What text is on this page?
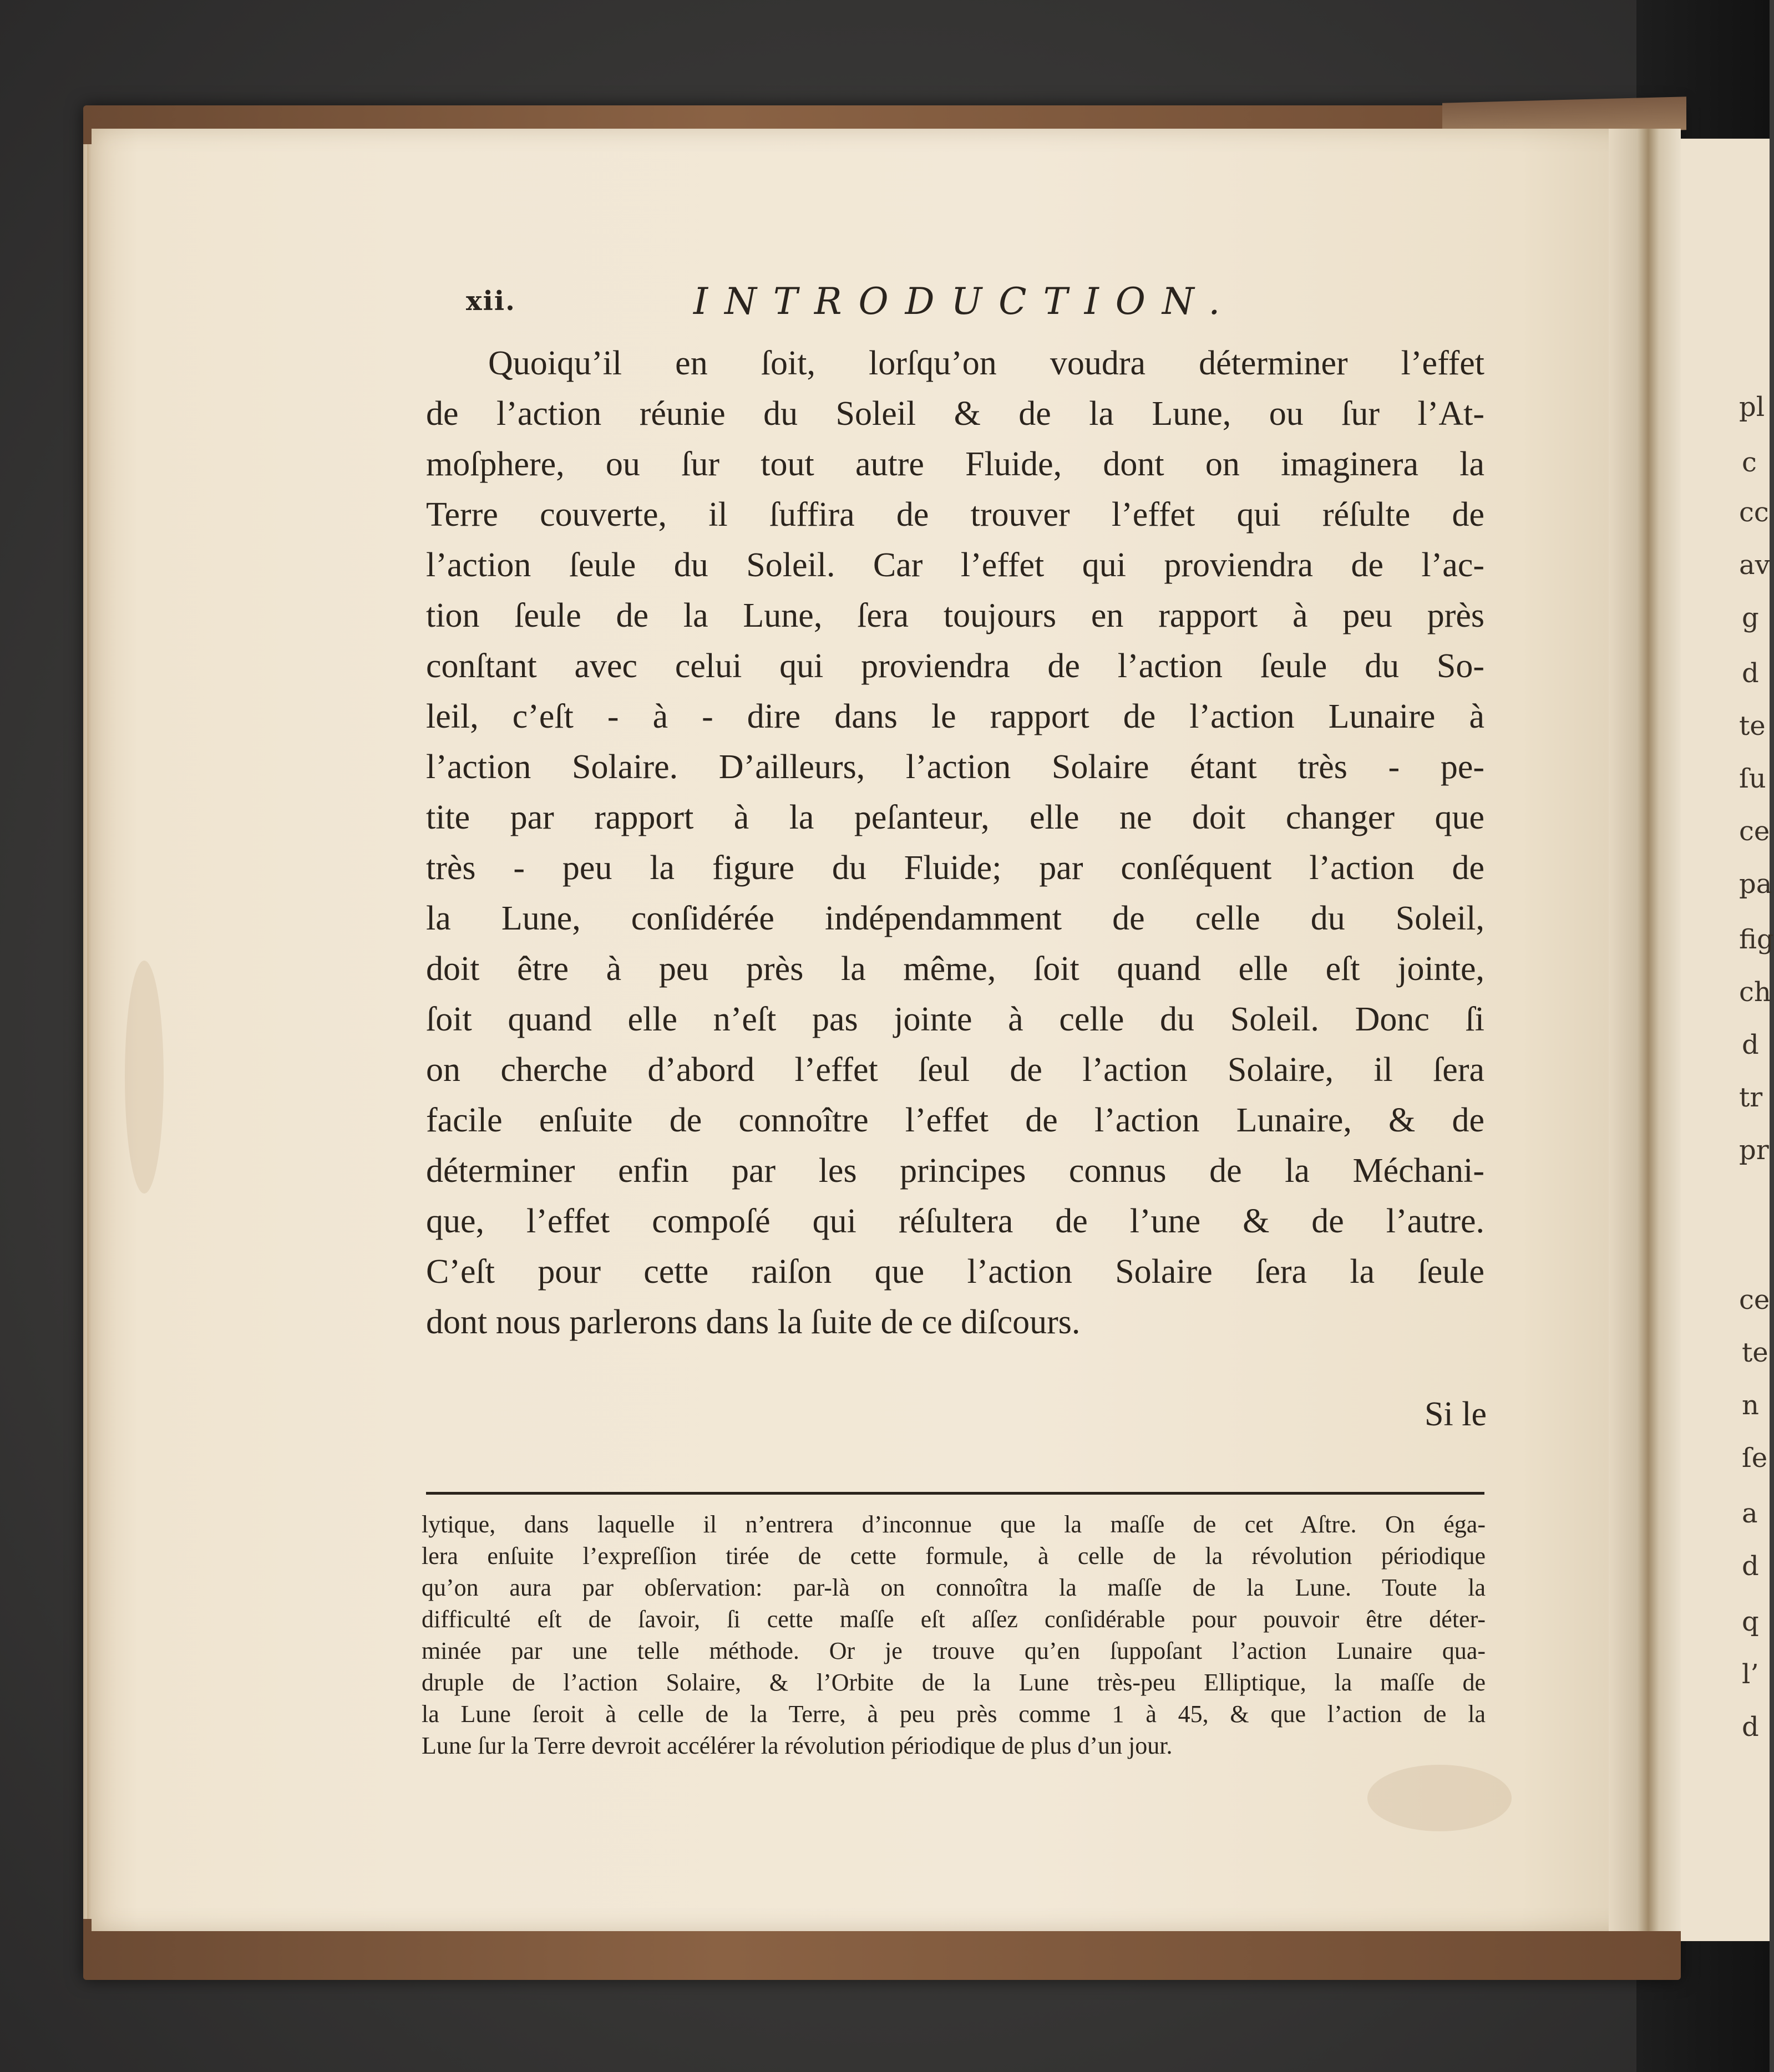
pl
c
cc
av
g
d
te
ſu
ce
pa
fig
ch
d
tr
pr
ce
te
n
ſe
a
d
q
l’
d
xii.	INTRODUCTION.
Quoiqu’il en ſoit, lorſqu’on voudra déterminer l’effet
de l’action réunie du Soleil & de la Lune, ou ſur l’At-
moſphere, ou ſur tout autre Fluide, dont on imaginera la
Terre couverte, il ſuffira de trouver l’effet qui réſulte de
l’action ſeule du Soleil. Car l’effet qui proviendra de l’ac-
tion ſeule de la Lune, ſera toujours en rapport à peu près
conſtant avec celui qui proviendra de l’action ſeule du So-
leil, c’eſt - à - dire dans le rapport de l’action Lunaire à
l’action Solaire. D’ailleurs, l’action Solaire étant très - pe-
tite par rapport à la peſanteur, elle ne doit changer que
très - peu la figure du Fluide; par conſéquent l’action de
la Lune, conſidérée indépendamment de celle du Soleil,
doit être à peu près la même, ſoit quand elle eſt jointe,
ſoit quand elle n’eſt pas jointe à celle du Soleil. Donc ſi
on cherche d’abord l’effet ſeul de l’action Solaire, il ſera
facile enſuite de connoître l’effet de l’action Lunaire, & de
déterminer enfin par les principes connus de la Méchani-
que, l’effet compoſé qui réſultera de l’une & de l’autre.
C’eſt pour cette raiſon que l’action Solaire ſera la ſeule
dont nous parlerons dans la ſuite de ce diſcours.
Si le
lytique, dans laquelle il n’entrera d’inconnue que la maſſe de cet Aſtre. On éga-
lera enſuite l’expreſſion tirée de cette formule, à celle de la révolution périodique
qu’on aura par obſervation: par-là on connoîtra la maſſe de la Lune. Toute la
difficulté eſt de ſavoir, ſi cette maſſe eſt aſſez conſidérable pour pouvoir être déter-
minée par une telle méthode. Or je trouve qu’en ſuppoſant l’action Lunaire qua-
druple de l’action Solaire, & l’Orbite de la Lune très-peu Elliptique, la maſſe de
la Lune ſeroit à celle de la Terre, à peu près comme 1 à 45, & que l’action de la
Lune ſur la Terre devroit accélérer la révolution périodique de plus d’un jour.
